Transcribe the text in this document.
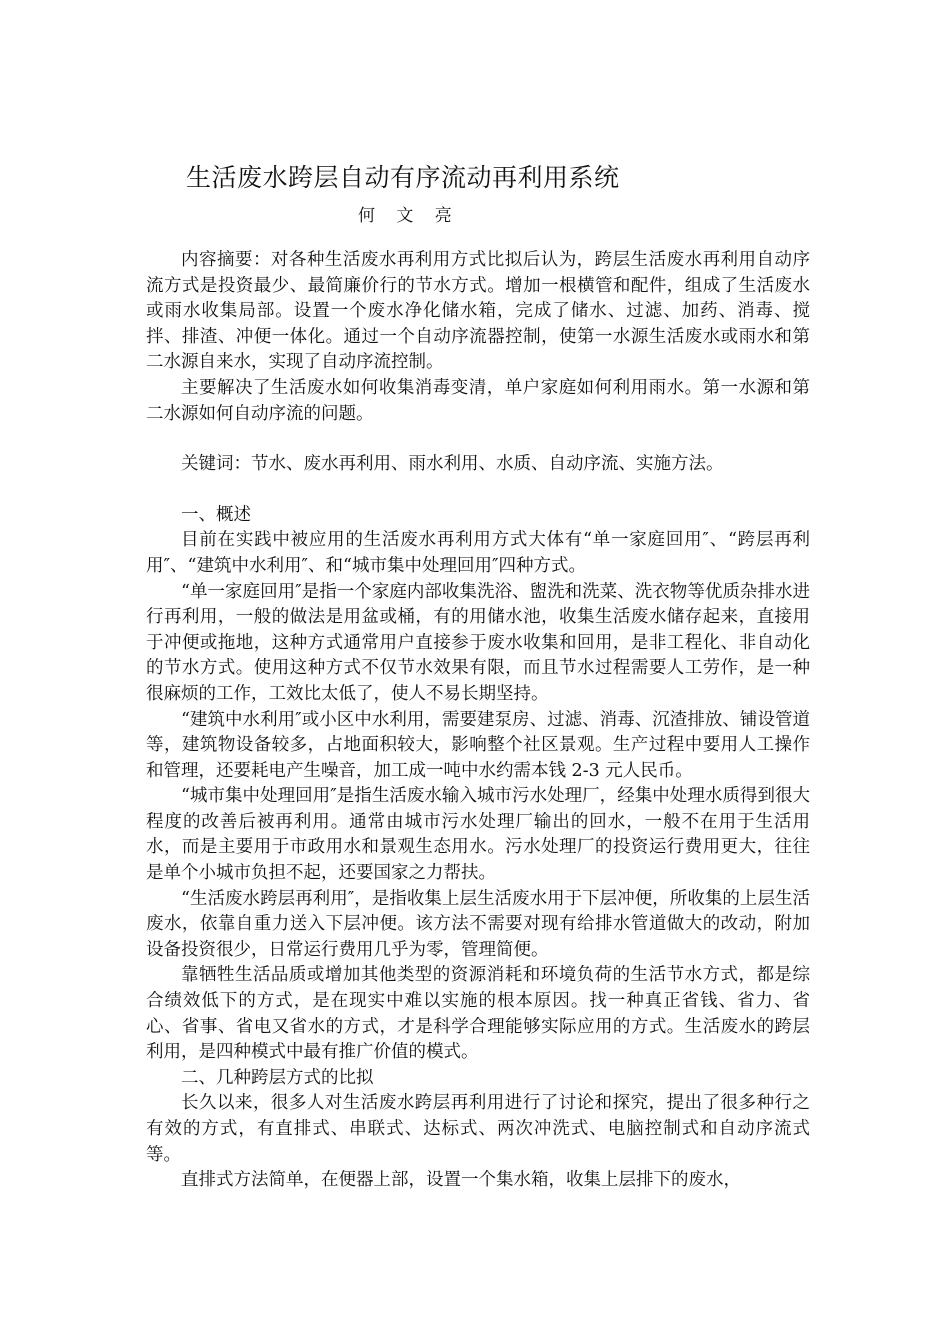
生活废水跨层自动有序流动再利用系统
何 文 亮

内容摘要：对各种生活废水再利用方式比拟后认为，跨层生活废水再利用自动序流方式是投资最少、最简廉价行的节水方式。增加一根横管和配件，组成了生活废水或雨水收集局部。设置一个废水净化储水箱，完成了储水、过滤、加药、消毒、搅拌、排渣、冲便一体化。通过一个自动序流器控制，使第一水源生活废水或雨水和第二水源自来水，实现了自动序流控制。

主要解决了生活废水如何收集消毒变清，单户家庭如何利用雨水。第一水源和第二水源如何自动序流的问题。

关键词：节水、废水再利用、雨水利用、水质、自动序流、实施方法。

一、概述

目前在实践中被应用的生活废水再利用方式大体有“单一家庭回用″、“跨层再利用″、“建筑中水利用″、和“城市集中处理回用″四种方式。

“单一家庭回用″是指一个家庭内部收集洗浴、盥洗和洗菜、洗衣物等优质杂排水进行再利用，一般的做法是用盆或桶，有的用储水池，收集生活废水储存起来，直接用于冲便或拖地，这种方式通常用户直接参于废水收集和回用，是非工程化、非自动化的节水方式。使用这种方式不仅节水效果有限，而且节水过程需要人工劳作，是一种很麻烦的工作，工效比太低了，使人不易长期坚持。

“建筑中水利用″或小区中水利用，需要建泵房、过滤、消毒、沉渣排放、铺设管道等，建筑物设备较多，占地面积较大，影响整个社区景观。生产过程中要用人工操作和管理，还要耗电产生噪音，加工成一吨中水约需本钱 2-3 元人民币。

“城市集中处理回用″是指生活废水输入城市污水处理厂，经集中处理水质得到很大程度的改善后被再利用。通常由城市污水处理厂输出的回水，一般不在用于生活用水，而是主要用于市政用水和景观生态用水。污水处理厂的投资运行费用更大，往往是单个小城市负担不起，还要国家之力帮扶。

“生活废水跨层再利用″，是指收集上层生活废水用于下层冲便，所收集的上层生活废水，依靠自重力送入下层冲便。该方法不需要对现有给排水管道做大的改动，附加设备投资很少，日常运行费用几乎为零，管理简便。

靠牺牲生活品质或增加其他类型的资源消耗和环境负荷的生活节水方式，都是综合绩效低下的方式，是在现实中难以实施的根本原因。找一种真正省钱、省力、省心、省事、省电又省水的方式，才是科学合理能够实际应用的方式。生活废水的跨层利用，是四种模式中最有推广价值的模式。

二、几种跨层方式的比拟

长久以来，很多人对生活废水跨层再利用进行了讨论和探究，提出了很多种行之有效的方式，有直排式、串联式、达标式、两次冲洗式、电脑控制式和自动序流式等。

直排式方法简单，在便器上部，设置一个集水箱，收集上层排下的废水，
